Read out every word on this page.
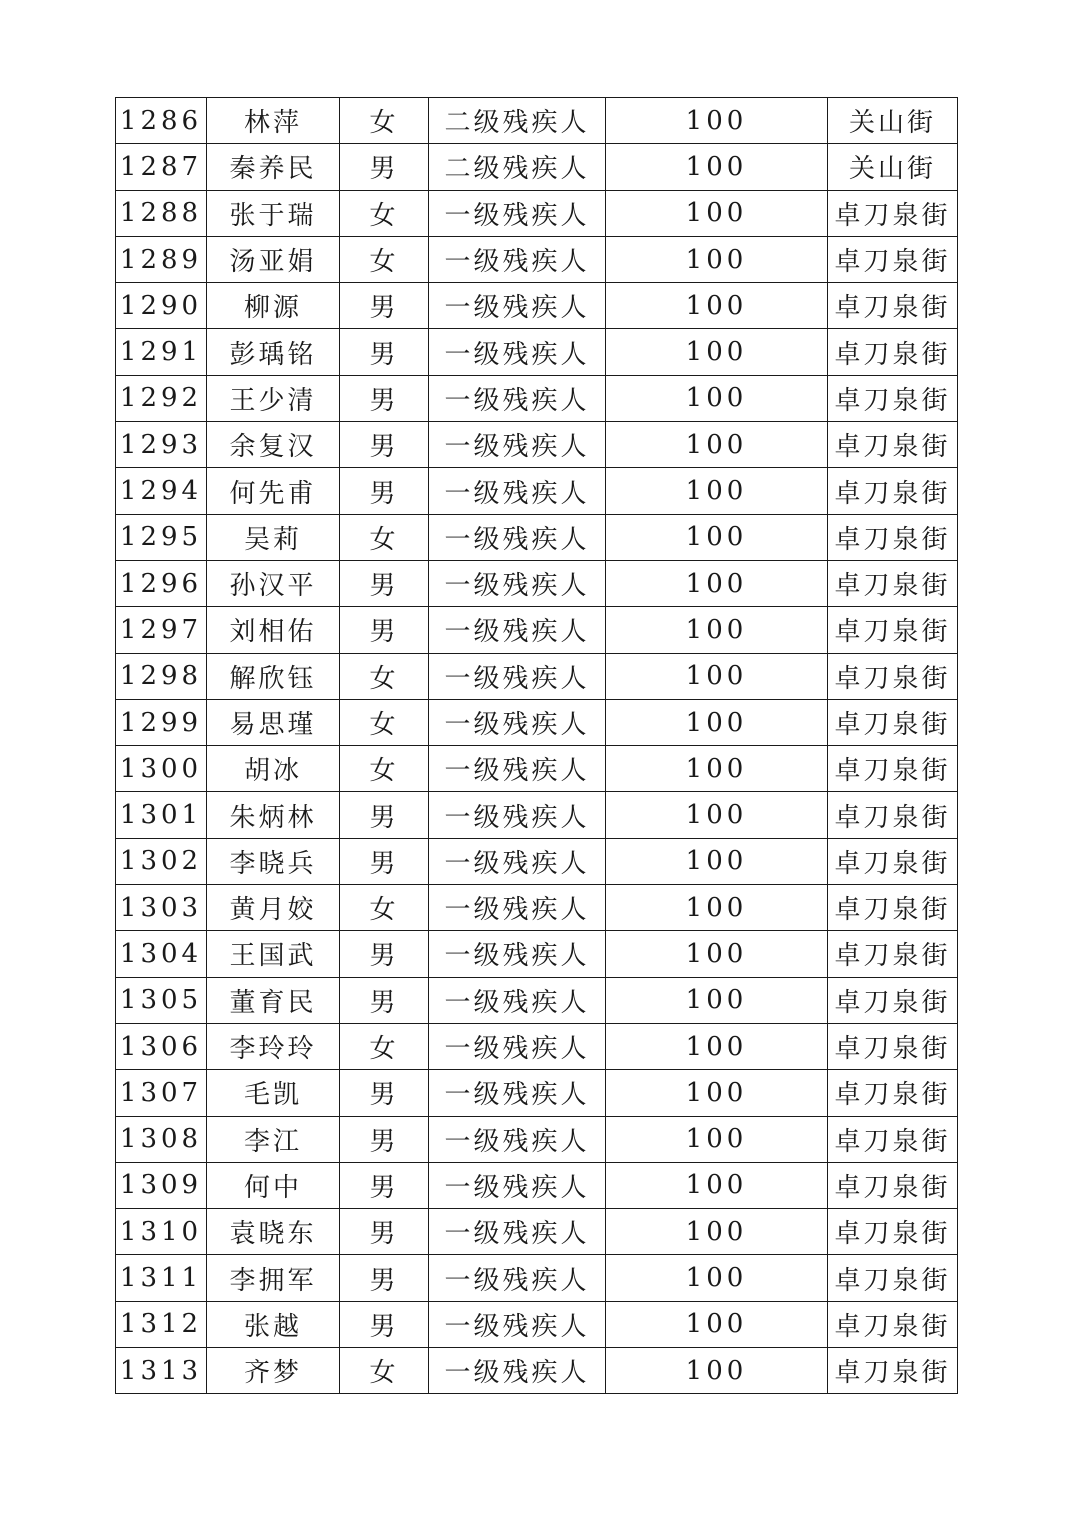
1286	林萍	女	二级残疾人	100	关山街
1287	秦养民	男	二级残疾人	100	关山街
1288	张于瑞	女	一级残疾人	100	卓刀泉街
1289	汤亚娟	女	一级残疾人	100	卓刀泉街
1290	柳源	男	一级残疾人	100	卓刀泉街
1291	彭瑀铭	男	一级残疾人	100	卓刀泉街
1292	王少清	男	一级残疾人	100	卓刀泉街
1293	余复汉	男	一级残疾人	100	卓刀泉街
1294	何先甫	男	一级残疾人	100	卓刀泉街
1295	吴莉	女	一级残疾人	100	卓刀泉街
1296	孙汉平	男	一级残疾人	100	卓刀泉街
1297	刘相佑	男	一级残疾人	100	卓刀泉街
1298	解欣钰	女	一级残疾人	100	卓刀泉街
1299	易思瑾	女	一级残疾人	100	卓刀泉街
1300	胡冰	女	一级残疾人	100	卓刀泉街
1301	朱炳林	男	一级残疾人	100	卓刀泉街
1302	李晓兵	男	一级残疾人	100	卓刀泉街
1303	黄月姣	女	一级残疾人	100	卓刀泉街
1304	王国武	男	一级残疾人	100	卓刀泉街
1305	董育民	男	一级残疾人	100	卓刀泉街
1306	李玲玲	女	一级残疾人	100	卓刀泉街
1307	毛凯	男	一级残疾人	100	卓刀泉街
1308	李江	男	一级残疾人	100	卓刀泉街
1309	何中	男	一级残疾人	100	卓刀泉街
1310	袁晓东	男	一级残疾人	100	卓刀泉街
1311	李拥军	男	一级残疾人	100	卓刀泉街
1312	张越	男	一级残疾人	100	卓刀泉街
1313	齐梦	女	一级残疾人	100	卓刀泉街
